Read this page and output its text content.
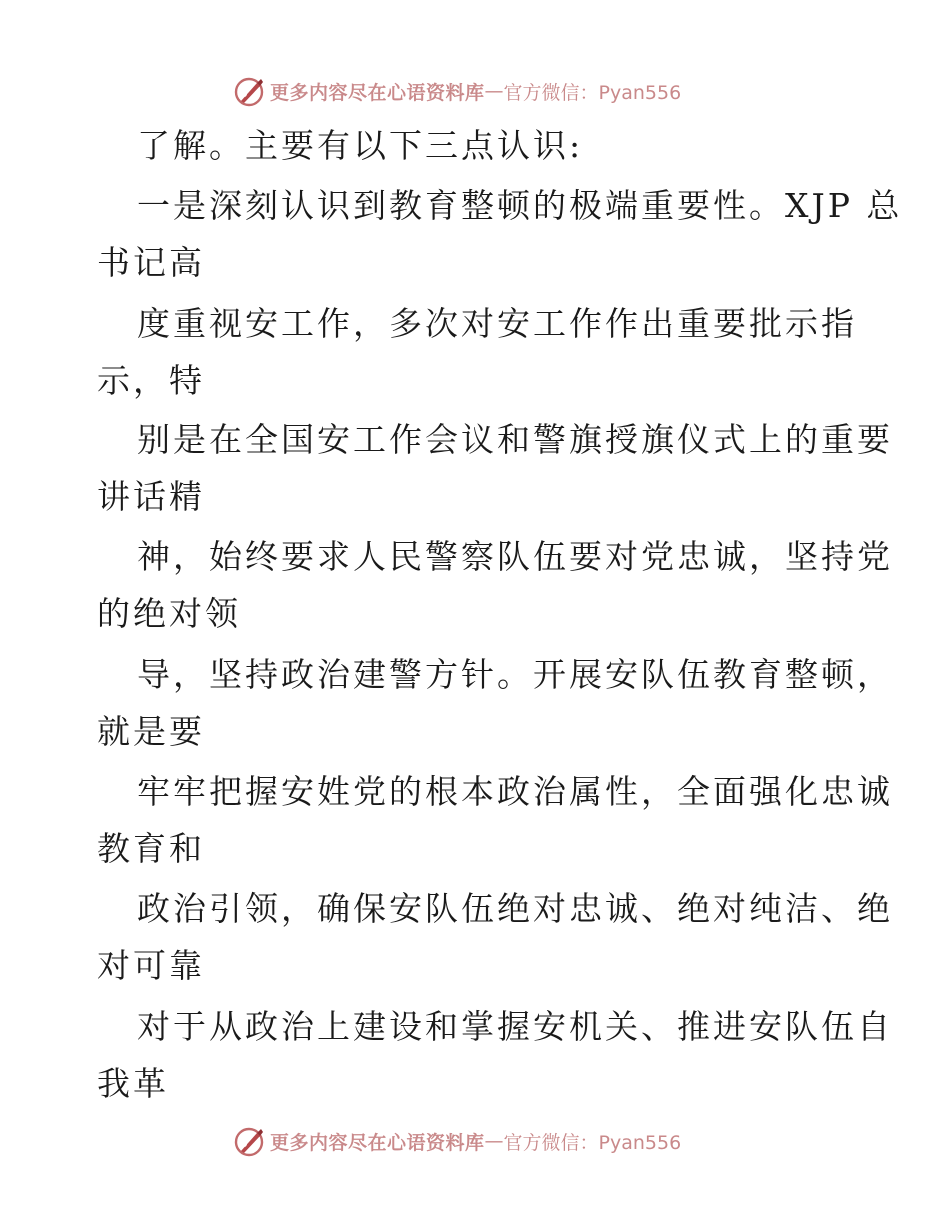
更多内容尽在心语资料库 — 官方微信：Pyan556
了解。主要有以下三点认识:
一是深刻认识到教育整顿的极端重要性。XJP 总
书记高
度重视安工作，多次对安工作作出重要批示指
示，特
别是在全国安工作会议和警旗授旗仪式上的重要
讲话精
神，始终要求人民警察队伍要对党忠诚，坚持党
的绝对领
导，坚持政治建警方针。开展安队伍教育整顿，
就是要
牢牢把握安姓党的根本政治属性，全面强化忠诚
教育和
政治引领，确保安队伍绝对忠诚、绝对纯洁、绝
对可靠
对于从政治上建设和掌握安机关、推进安队伍自
我革
更多内容尽在心语资料库 — 官方微信：Pyan556
